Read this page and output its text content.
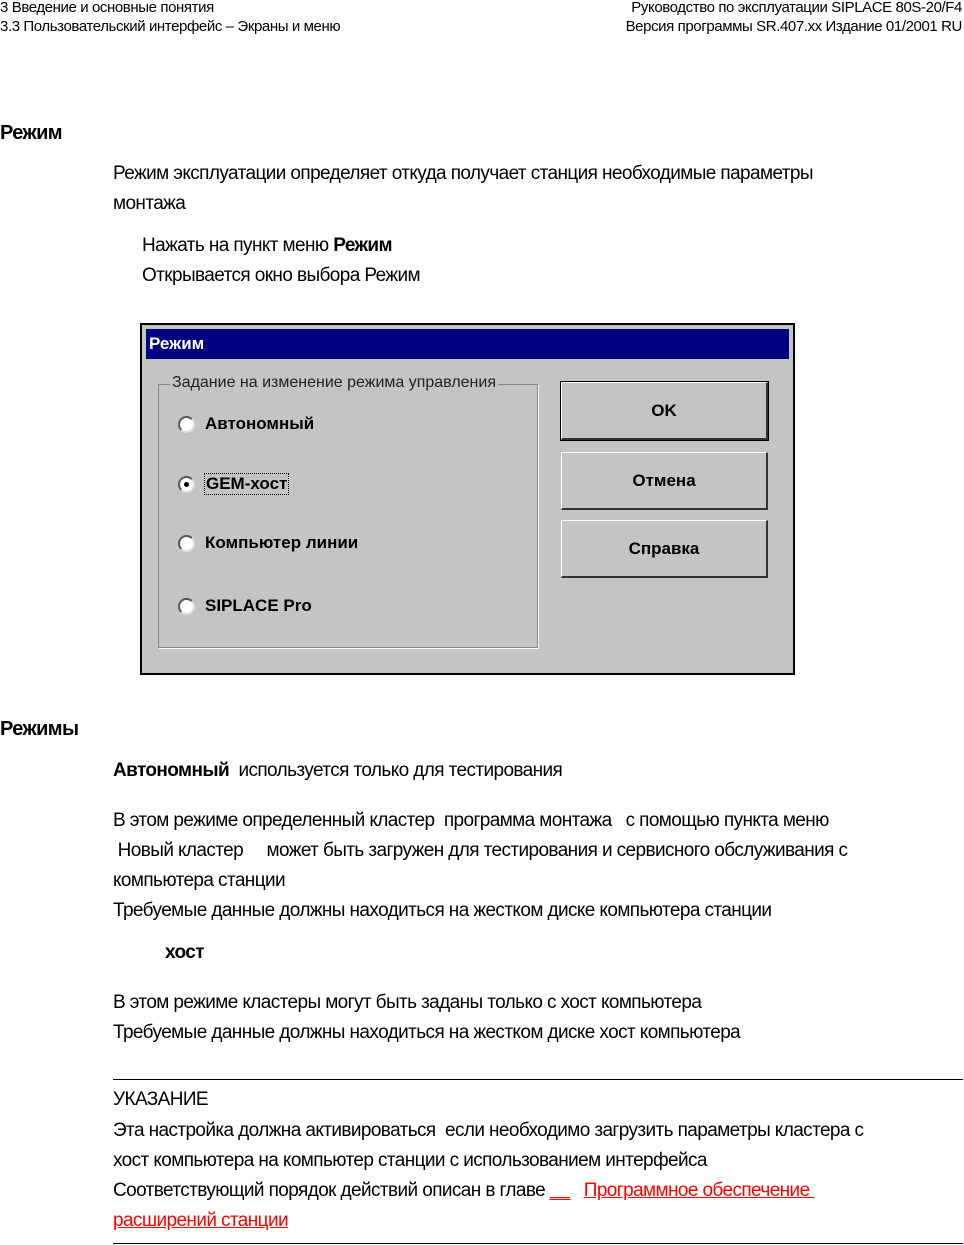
3 Введение и основные понятия
3.3 Пользовательский интерфейс – Экраны и меню
Руководство по эксплуатации SIPLACE 80S-20/F4
Версия программы SR.407.xx Издание 01/2001 RU
Режим
Режим эксплуатации определяет откуда получает станция необходимые параметры
монтажа
Нажать на пункт меню Режим
Открывается окно выбора Режим
Режим
Задание на изменение режима управления
Автономный
GEM-хост
Компьютер линии
SIPLACE Pro
OK
Отмена
Справка
Режимы
Автономный  используется только для тестирования
В этом режиме определенный кластер  программа монтажа   с помощью пункта меню
Новый кластер     может быть загружен для тестирования и сервисного обслуживания с
компьютера станции
Требуемые данные должны находиться на жестком диске компьютера станции
хост
В этом режиме кластеры могут быть заданы только с хост компьютера
Требуемые данные должны находиться на жестком диске хост компьютера
УКАЗАНИЕ
Эта настройка должна активироваться  если необходимо загрузить параметры кластера с
хост компьютера на компьютер станции с использованием интерфейса
Соответствующий порядок действий описан в главе __ Программное обеспечение
расширений станции
